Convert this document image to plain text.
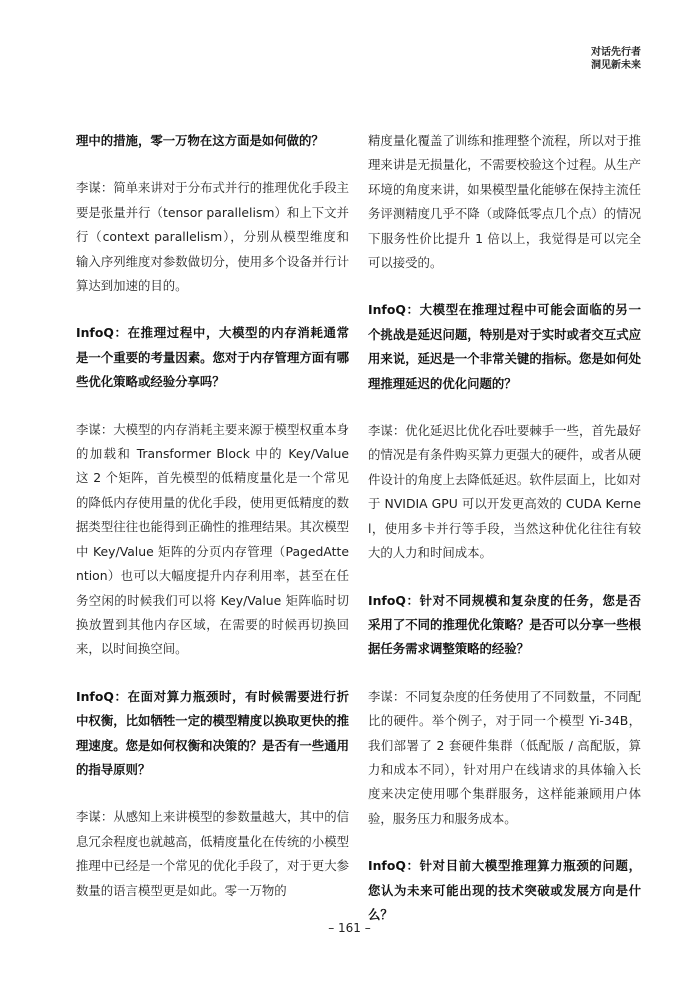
对话先行者
洞见新未来

理中的措施，零一万物在这方面是如何做的？

李谋：简单来讲对于分布式并行的推理优化手段主要是张量并行（tensor parallelism）和上下文并行（context parallelism），分别从模型维度和输入序列维度对参数做切分，使用多个设备并行计算达到加速的目的。

InfoQ：在推理过程中，大模型的内存消耗通常是一个重要的考量因素。您对于内存管理方面有哪些优化策略或经验分享吗？

李谋：大模型的内存消耗主要来源于模型权重本身的加载和 Transformer Block 中的 Key/Value 这 2 个矩阵，首先模型的低精度量化是一个常见的降低内存使用量的优化手段，使用更低精度的数据类型往往也能得到正确性的推理结果。其次模型中 Key/Value 矩阵的分页内存管理（PagedAttention）也可以大幅度提升内存利用率，甚至在任务空闲的时候我们可以将 Key/Value 矩阵临时切换放置到其他内存区域，在需要的时候再切换回来，以时间换空间。

InfoQ：在面对算力瓶颈时，有时候需要进行折中权衡，比如牺牲一定的模型精度以换取更快的推理速度。您是如何权衡和决策的？是否有一些通用的指导原则？

李谋：从感知上来讲模型的参数量越大，其中的信息冗余程度也就越高，低精度量化在传统的小模型推理中已经是一个常见的优化手段了，对于更大参数量的语言模型更是如此。零一万物的

精度量化覆盖了训练和推理整个流程，所以对于推理来讲是无损量化，不需要校验这个过程。从生产环境的角度来讲，如果模型量化能够在保持主流任务评测精度几乎不降（或降低零点几个点）的情况下服务性价比提升 1 倍以上，我觉得是可以完全可以接受的。

InfoQ：大模型在推理过程中可能会面临的另一个挑战是延迟问题，特别是对于实时或者交互式应用来说，延迟是一个非常关键的指标。您是如何处理推理延迟的优化问题的？

李谋：优化延迟比优化吞吐要棘手一些，首先最好的情况是有条件购买算力更强大的硬件，或者从硬件设计的角度上去降低延迟。软件层面上，比如对于 NVIDIA GPU 可以开发更高效的 CUDA Kernel，使用多卡并行等手段，当然这种优化往往有较大的人力和时间成本。

InfoQ：针对不同规模和复杂度的任务，您是否采用了不同的推理优化策略？是否可以分享一些根据任务需求调整策略的经验？

李谋：不同复杂度的任务使用了不同数量，不同配比的硬件。举个例子，对于同一个模型 Yi-34B，我们部署了 2 套硬件集群（低配版 / 高配版，算力和成本不同），针对用户在线请求的具体输入长度来决定使用哪个集群服务，这样能兼顾用户体验，服务压力和服务成本。

InfoQ：针对目前大模型推理算力瓶颈的问题，您认为未来可能出现的技术突破或发展方向是什么？

– 161 –
